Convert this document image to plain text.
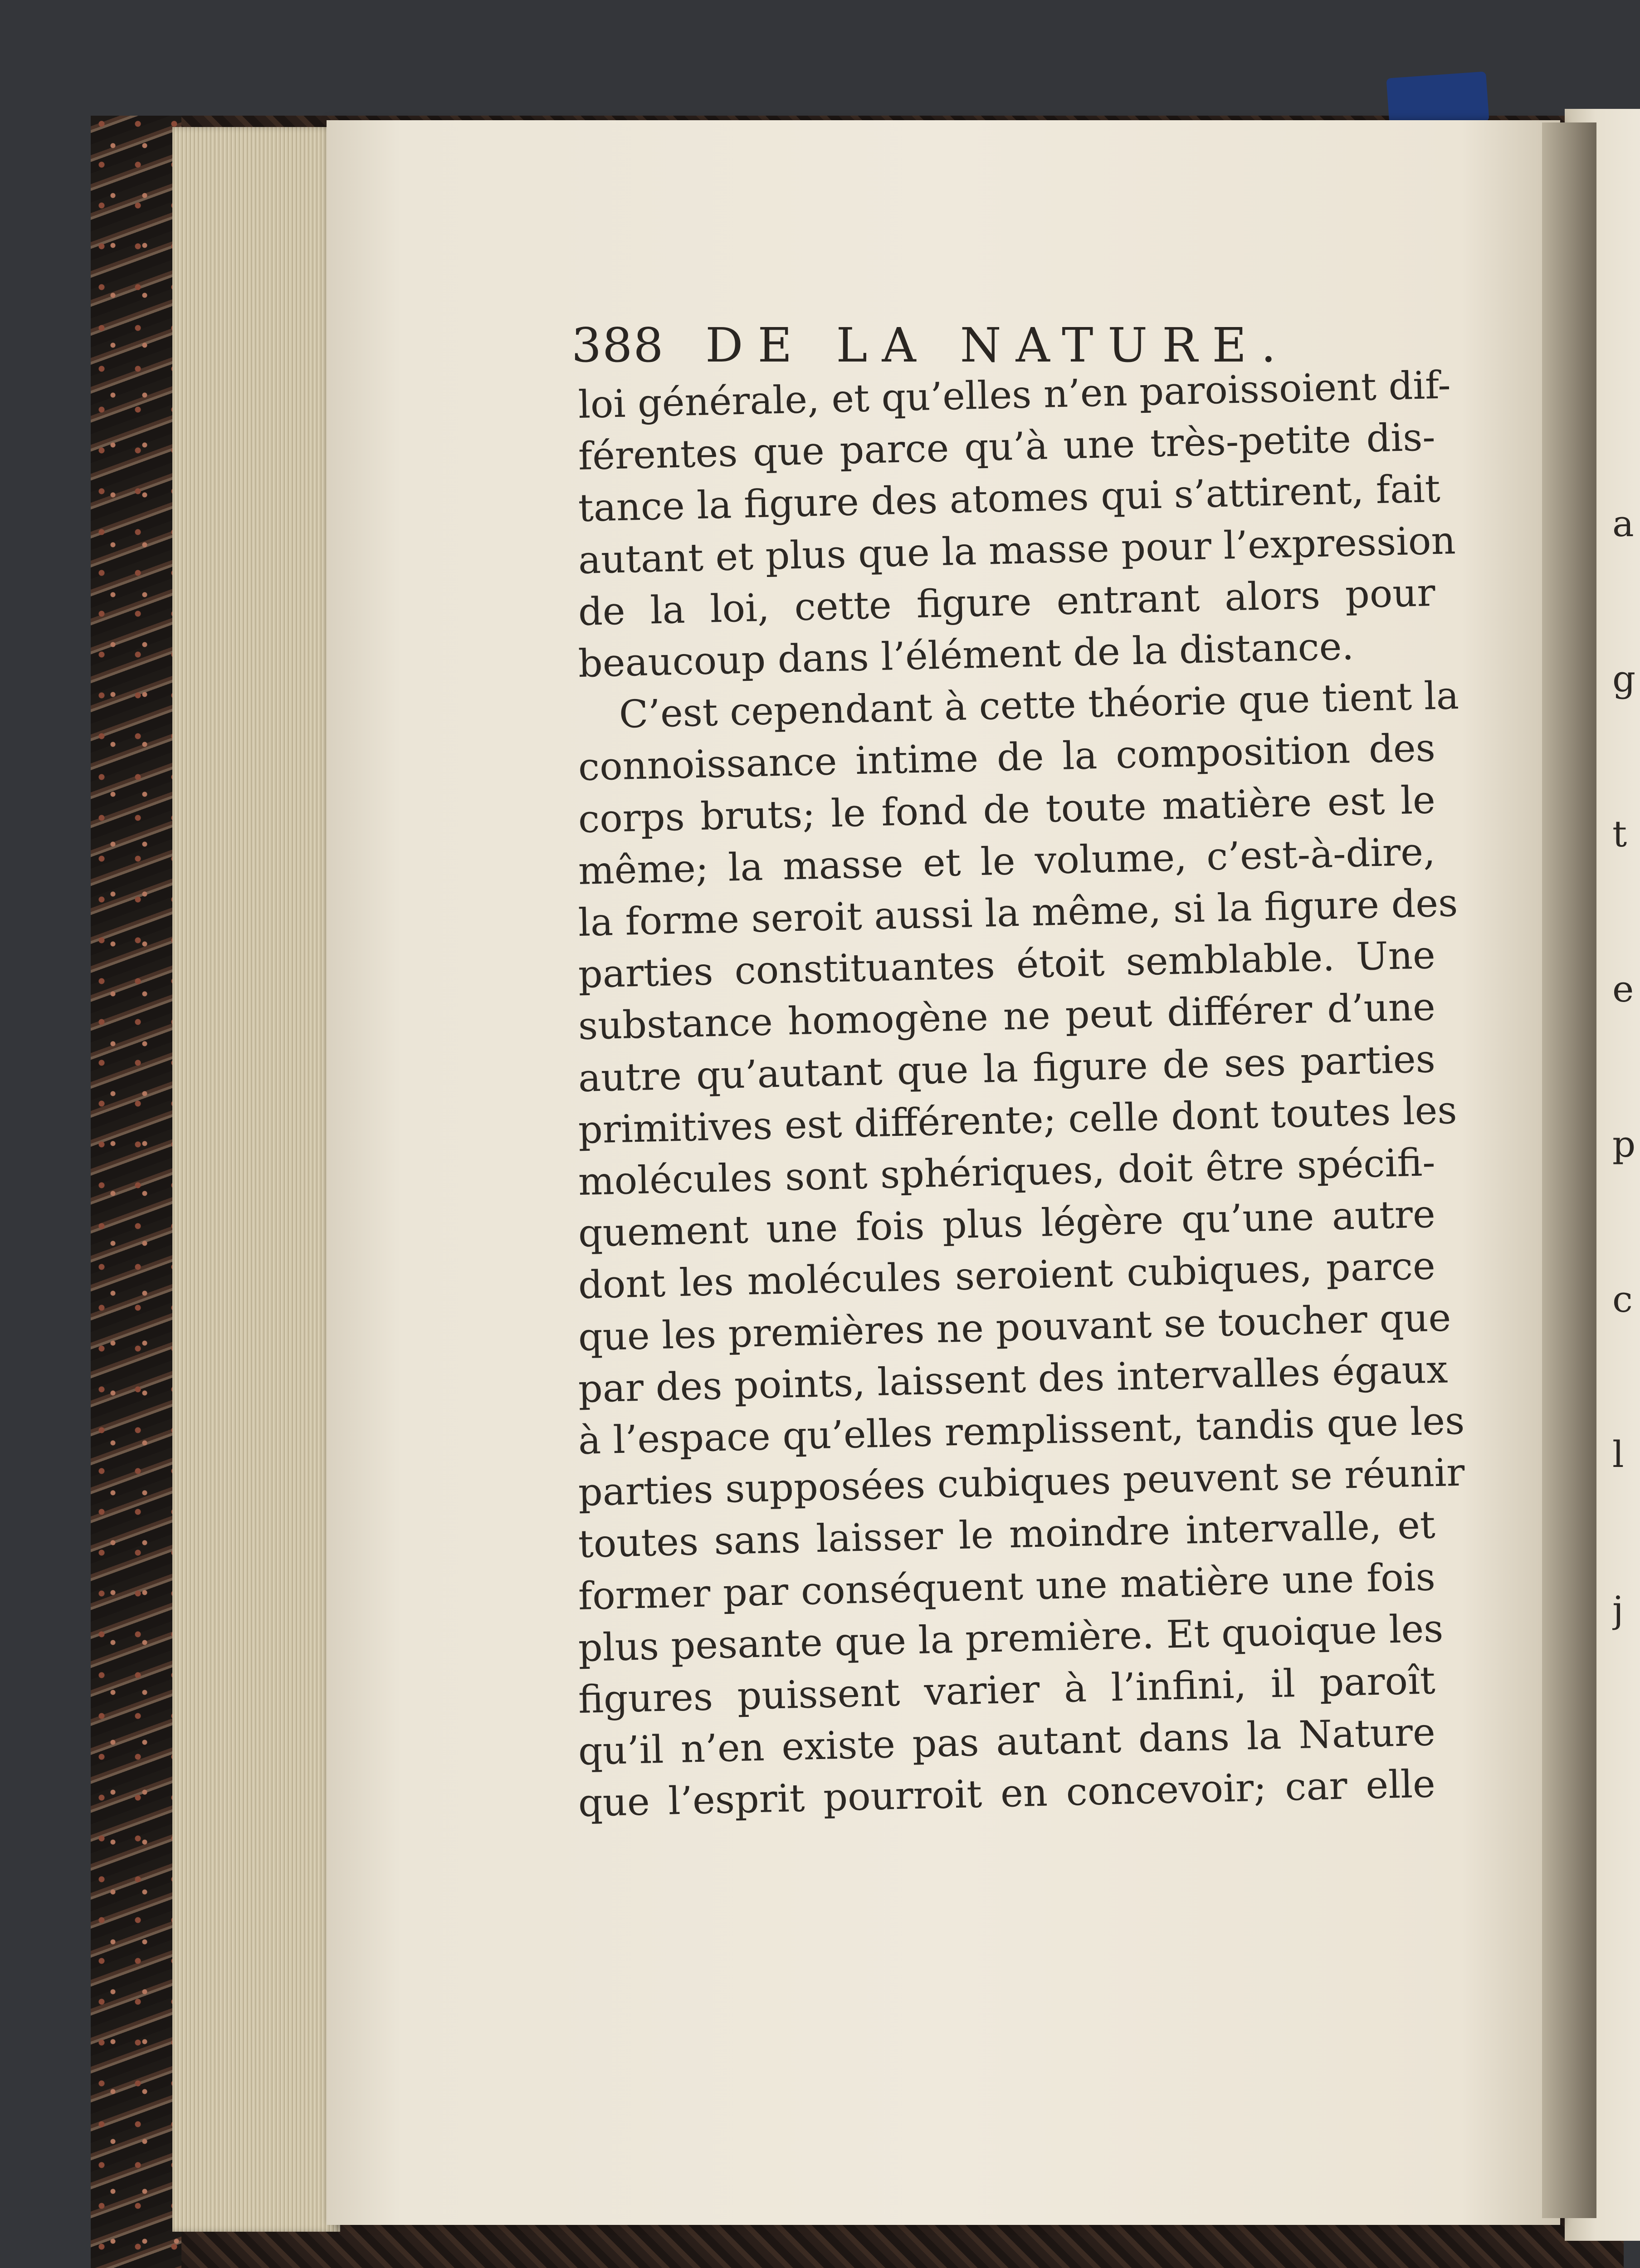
388 DE LA NATURE.
loi générale, et qu’elles n’en paroissoient dif-
férentes que parce qu’à une très-petite dis-
tance la figure des atomes qui s’attirent, fait
autant et plus que la masse pour l’expression
de la loi, cette figure entrant alors pour
beaucoup dans l’élément de la distance.
C’est cependant à cette théorie que tient la
connoissance intime de la composition des
corps bruts; le fond de toute matière est le
même; la masse et le volume, c’est-à-dire,
la forme seroit aussi la même, si la figure des
parties constituantes étoit semblable. Une
substance homogène ne peut différer d’une
autre qu’autant que la figure de ses parties
primitives est différente; celle dont toutes les
molécules sont sphériques, doit être spécifi-
quement une fois plus légère qu’une autre
dont les molécules seroient cubiques, parce
que les premières ne pouvant se toucher que
par des points, laissent des intervalles égaux
à l’espace qu’elles remplissent, tandis que les
parties supposées cubiques peuvent se réunir
toutes sans laisser le moindre intervalle, et
former par conséquent une matière une fois
plus pesante que la première. Et quoique les
figures puissent varier à l’infini, il paroît
qu’il n’en existe pas autant dans la Nature
que l’esprit pourroit en concevoir; car elle

a

g

t

e

p

c

l

j
